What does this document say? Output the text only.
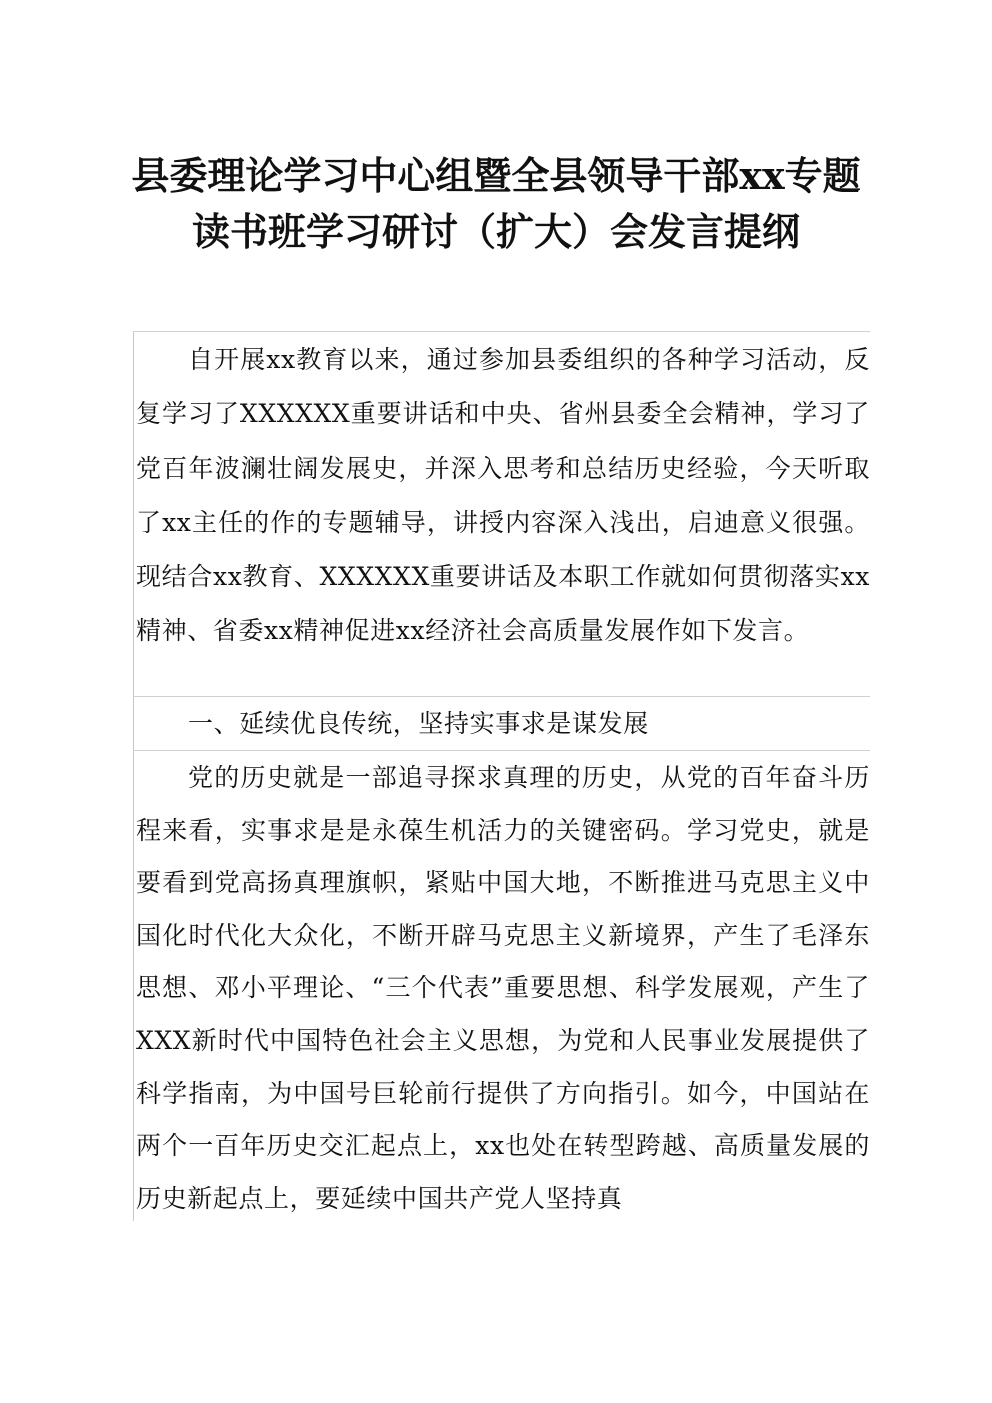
县委理论学习中心组暨全县领导干部xx专题
读书班学习研讨（扩大）会发言提纲

自开展xx教育以来，通过参加县委组织的各种学习活动，反复学习了XXXXXX重要讲话和中央、省州县委全会精神，学习了党百年波澜壮阔发展史，并深入思考和总结历史经验，今天听取了xx主任的作的专题辅导，讲授内容深入浅出，启迪意义很强。现结合xx教育、XXXXXX重要讲话及本职工作就如何贯彻落实xx精神、省委xx精神促进xx经济社会高质量发展作如下发言。

一、延续优良传统，坚持实事求是谋发展

党的历史就是一部追寻探求真理的历史，从党的百年奋斗历程来看，实事求是是永葆生机活力的关键密码。学习党史，就是要看到党高扬真理旗帜，紧贴中国大地，不断推进马克思主义中国化时代化大众化，不断开辟马克思主义新境界，产生了毛泽东思想、邓小平理论、“三个代表”重要思想、科学发展观，产生了XXX新时代中国特色社会主义思想，为党和人民事业发展提供了科学指南，为中国号巨轮前行提供了方向指引。如今，中国站在两个一百年历史交汇起点上，xx也处在转型跨越、高质量发展的历史新起点上，要延续中国共产党人坚持真
